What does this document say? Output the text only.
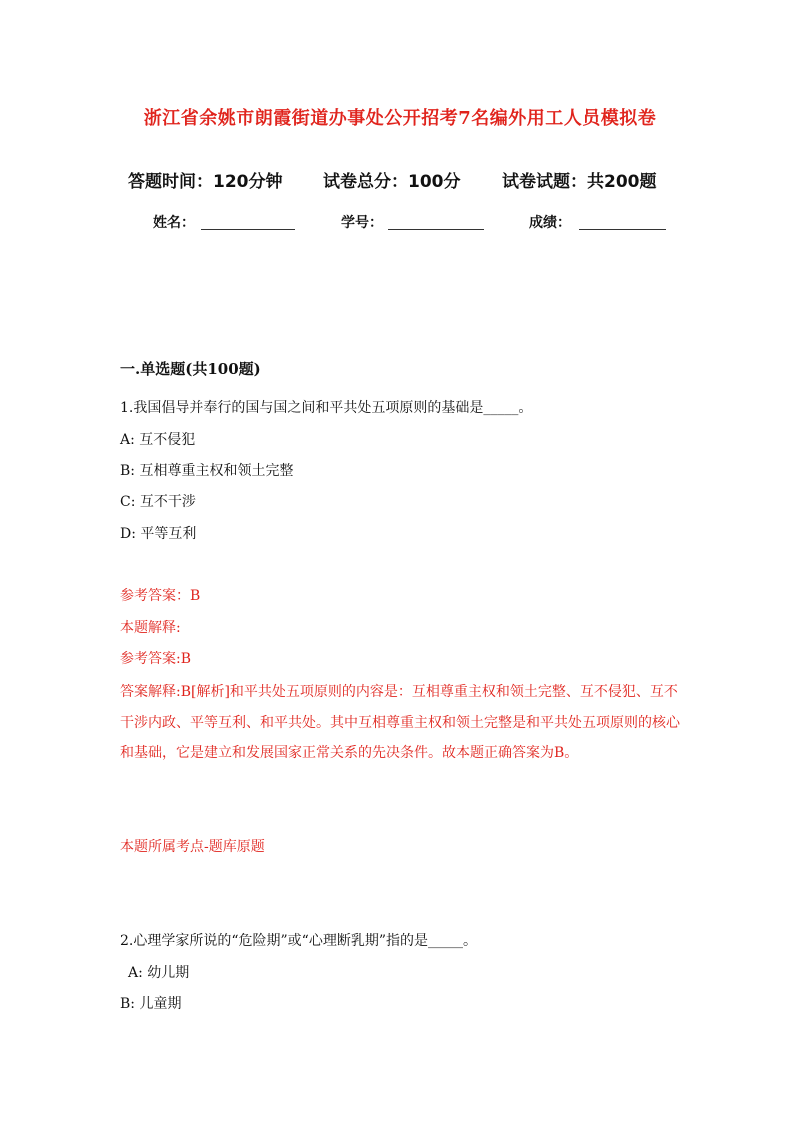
浙江省余姚市朗霞街道办事处公开招考7名编外用工人员模拟卷
答题时间：120分钟 试卷总分：100分 试卷试题：共200题
姓名：	学号：	成绩：
一.单选题(共100题)
1.我国倡导并奉行的国与国之间和平共处五项原则的基础是_____。
A: 互不侵犯
B: 互相尊重主权和领土完整
C: 互不干涉
D: 平等互利
参考答案：B
本题解释:
参考答案:B
答案解释:B[解析]和平共处五项原则的内容是：互相尊重主权和领土完整、互不侵犯、互不干涉内政、平等互利、和平共处。其中互相尊重主权和领土完整是和平共处五项原则的核心和基础，它是建立和发展国家正常关系的先决条件。故本题正确答案为B。
本题所属考点-题库原题
2.心理学家所说的“危险期”或“心理断乳期”指的是_____。
A: 幼儿期
B: 儿童期
